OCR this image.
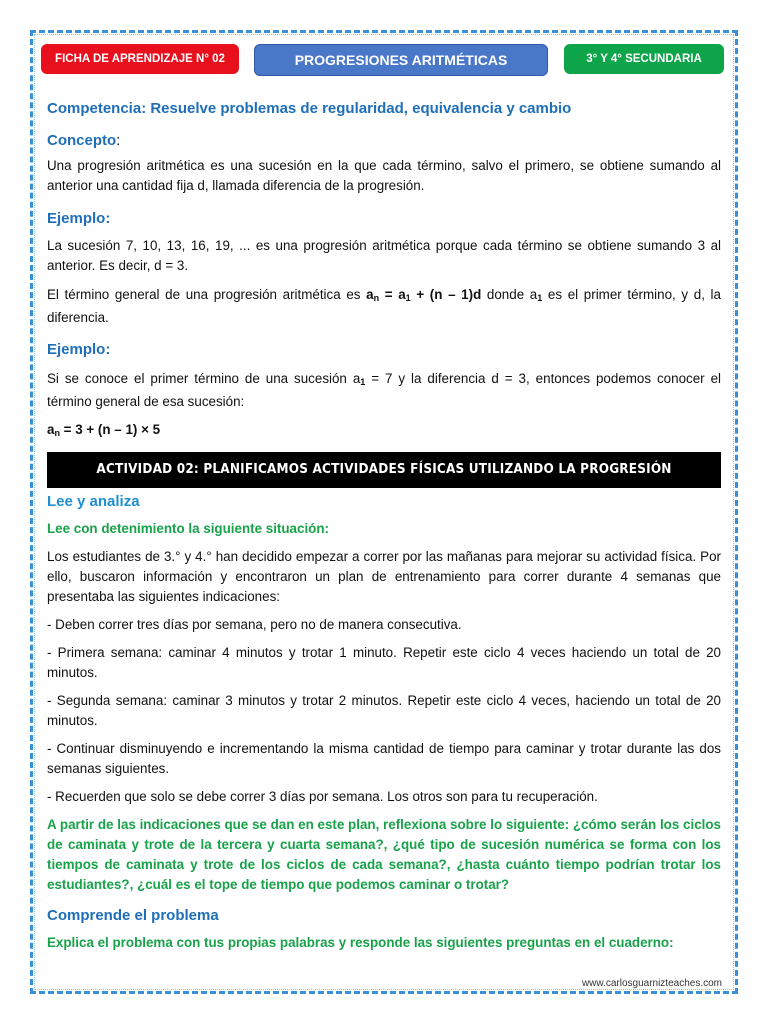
FICHA DE APRENDIZAJE N° 02	PROGRESIONES ARITMÉTICAS	3° Y 4° SECUNDARIA
Competencia: Resuelve problemas de regularidad, equivalencia y cambio
Concepto:

Una progresión aritmética es una sucesión en la que cada término, salvo el primero, se obtiene sumando al anterior una cantidad fija d, llamada diferencia de la progresión.

Ejemplo:

La sucesión 7, 10, 13, 16, 19, ... es una progresión aritmética porque cada término se obtiene sumando 3 al anterior. Es decir, d = 3.

El término general de una progresión aritmética es $a_n = a_1 + (n - 1)d$ donde $a_1$ es el primer término, y d, la diferencia.

Ejemplo:

Si se conoce el primer término de una sucesión $a_1 = 7$ y la diferencia d = 3, entonces podemos conocer el término general de esa sucesión:

$a_n = 3 + (n - 1) \times 5$

ACTIVIDAD 02: PLANIFICAMOS ACTIVIDADES FÍSICAS UTILIZANDO LA PROGRESIÓN ARITMÉTICA
Lee y analiza

Lee con detenimiento la siguiente situación:

Los estudiantes de 3.° y 4.° han decidido empezar a correr por las mañanas para mejorar su actividad física. Por ello, buscaron información y encontraron un plan de entrenamiento para correr durante 4 semanas que presentaba las siguientes indicaciones:

- Deben correr tres días por semana, pero no de manera consecutiva.

- Primera semana: caminar 4 minutos y trotar 1 minuto. Repetir este ciclo 4 veces haciendo un total de 20 minutos.

- Segunda semana: caminar 3 minutos y trotar 2 minutos. Repetir este ciclo 4 veces, haciendo un total de 20 minutos.

- Continuar disminuyendo e incrementando la misma cantidad de tiempo para caminar y trotar durante las dos semanas siguientes.

- Recuerden que solo se debe correr 3 días por semana. Los otros son para tu recuperación.

A partir de las indicaciones que se dan en este plan, reflexiona sobre lo siguiente: ¿cómo serán los ciclos de caminata y trote de la tercera y cuarta semana?, ¿qué tipo de sucesión numérica se forma con los tiempos de caminata y trote de los ciclos de cada semana?, ¿hasta cuánto tiempo podrían trotar los estudiantes?, ¿cuál es el tope de tiempo que podemos caminar o trotar?

Comprende el problema

Explica el problema con tus propias palabras y responde las siguientes preguntas en el cuaderno:

www.carlosguarnizteaches.com
